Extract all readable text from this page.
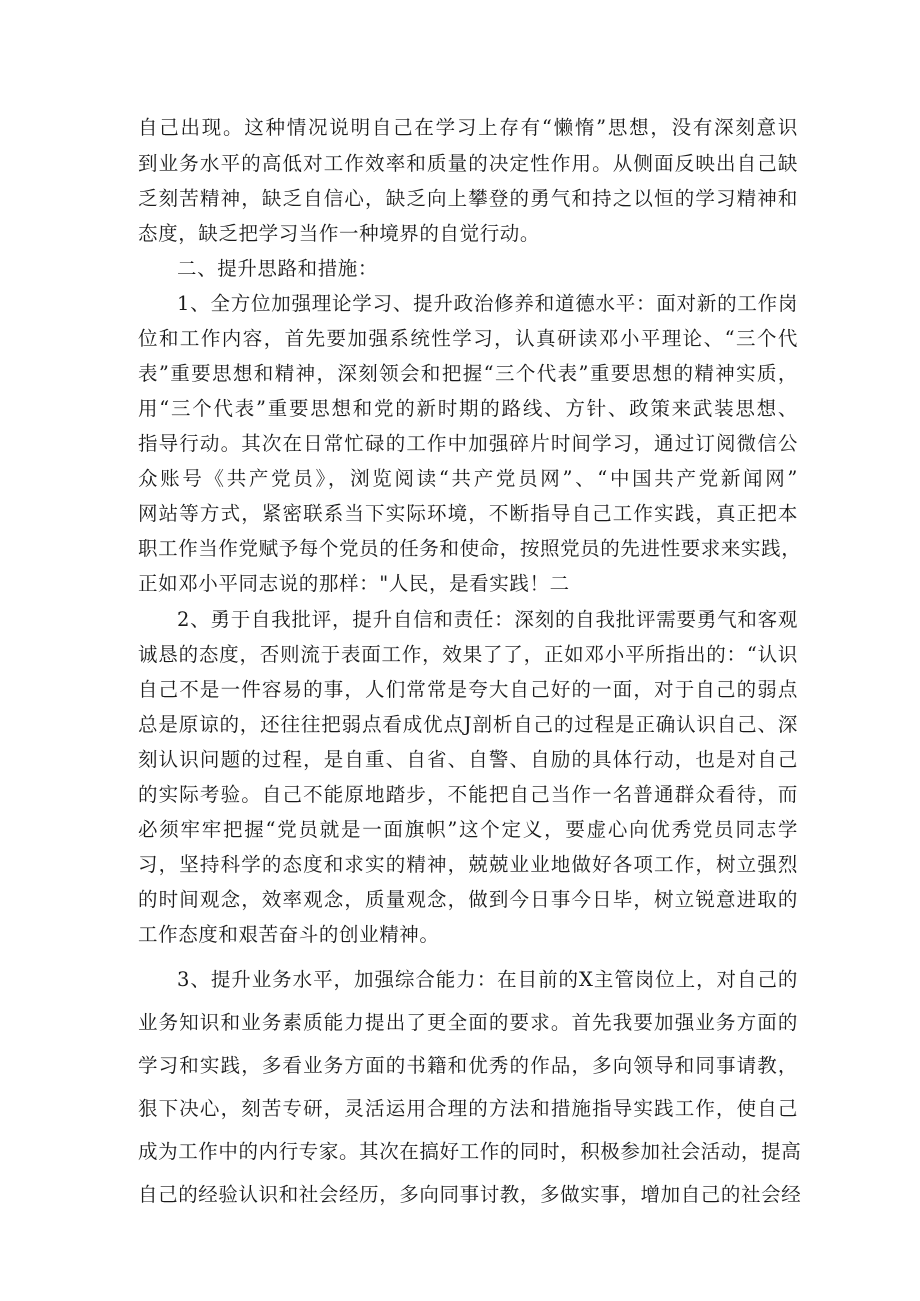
自己出现。这种情况说明自己在学习上存有“懒惰”思想，没有深刻意识
到业务水平的高低对工作效率和质量的决定性作用。从侧面反映出自己缺
乏刻苦精神，缺乏自信心，缺乏向上攀登的勇气和持之以恒的学习精神和
态度，缺乏把学习当作一种境界的自觉行动。
二、提升思路和措施：
1、全方位加强理论学习、提升政治修养和道德水平：面对新的工作岗
位和工作内容，首先要加强系统性学习，认真研读邓小平理论、“三个代
表”重要思想和精神，深刻领会和把握“三个代表”重要思想的精神实质，
用“三个代表”重要思想和党的新时期的路线、方针、政策来武装思想、
指导行动。其次在日常忙碌的工作中加强碎片时间学习，通过订阅微信公
众账号《共产党员》，浏览阅读“共产党员网”、“中国共产党新闻网”
网站等方式，紧密联系当下实际环境，不断指导自己工作实践，真正把本
职工作当作党赋予每个党员的任务和使命，按照党员的先进性要求来实践，
正如邓小平同志说的那样："人民，是看实践！二
2、勇于自我批评，提升自信和责任：深刻的自我批评需要勇气和客观
诚恳的态度，否则流于表面工作，效果了了，正如邓小平所指出的：“认识
自己不是一件容易的事，人们常常是夸大自己好的一面，对于自己的弱点
总是原谅的，还往往把弱点看成优点J剖析自己的过程是正确认识自己、深
刻认识问题的过程，是自重、自省、自警、自励的具体行动，也是对自己
的实际考验。自己不能原地踏步，不能把自己当作一名普通群众看待，而
必须牢牢把握“党员就是一面旗帜”这个定义，要虚心向优秀党员同志学
习，坚持科学的态度和求实的精神，兢兢业业地做好各项工作，树立强烈
的时间观念，效率观念，质量观念，做到今日事今日毕，树立锐意进取的
工作态度和艰苦奋斗的创业精神。
3、提升业务水平，加强综合能力：在目前的X主管岗位上，对自己的
业务知识和业务素质能力提出了更全面的要求。首先我要加强业务方面的
学习和实践，多看业务方面的书籍和优秀的作品，多向领导和同事请教，
狠下决心，刻苦专研，灵活运用合理的方法和措施指导实践工作，使自己
成为工作中的内行专家。其次在搞好工作的同时，积极参加社会活动，提高
自己的经验认识和社会经历，多向同事讨教，多做实事，增加自己的社会经
